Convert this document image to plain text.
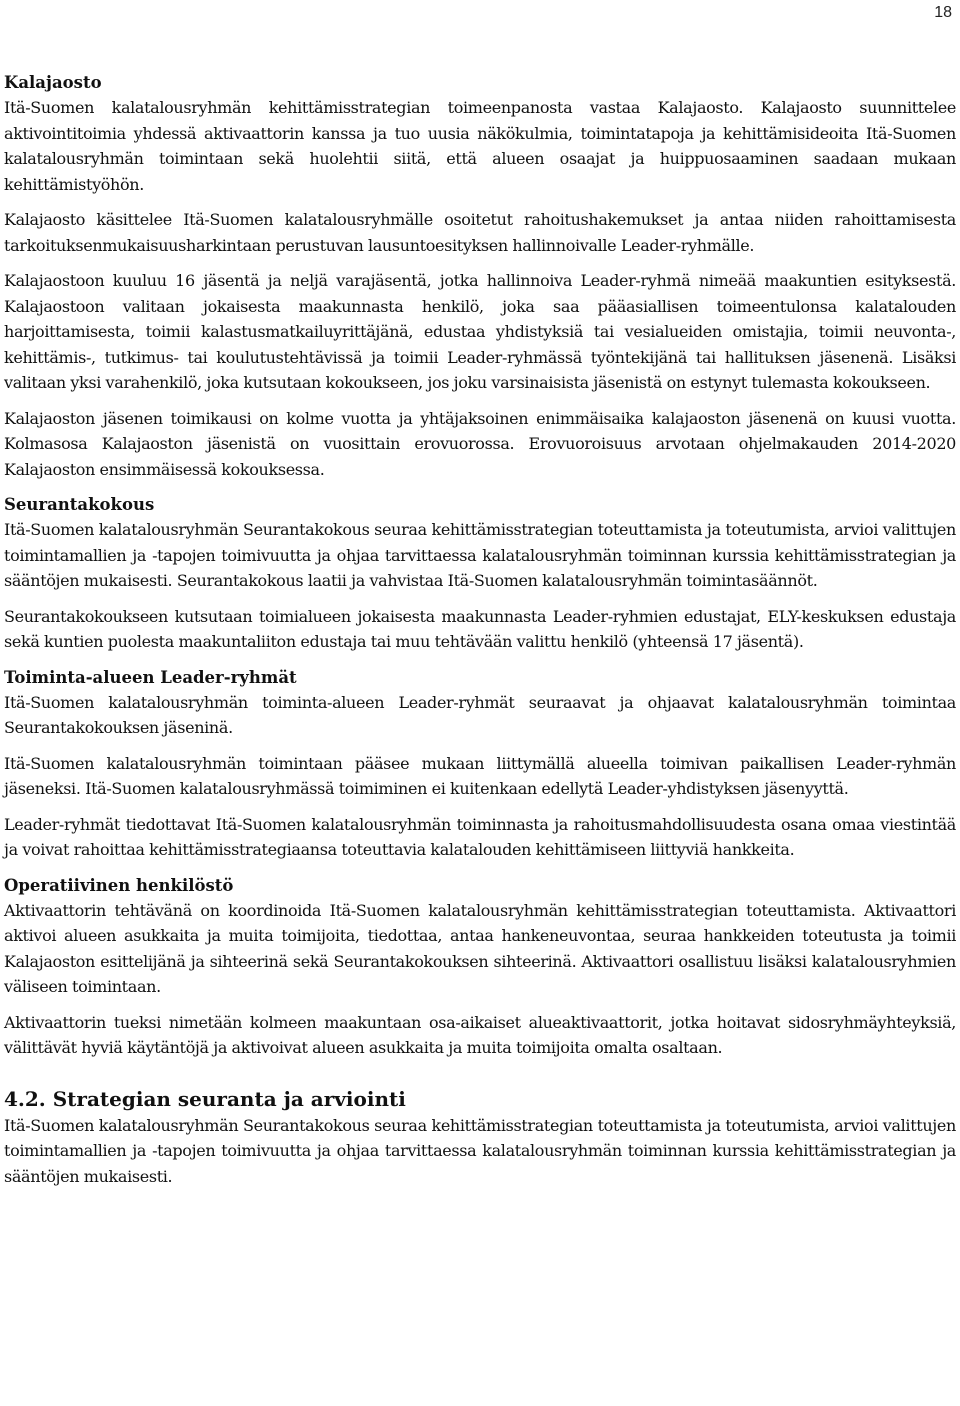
18
Kalajaosto

Itä-Suomen kalatalousryhmän kehittämisstrategian toimeenpanosta vastaa Kalajaosto. Kalajaosto suunnittelee aktivointitoimia yhdessä aktivaattorin kanssa ja tuo uusia näkökulmia, toimintatapoja ja kehittämisideoita Itä-Suomen kalatalousryhmän toimintaan sekä huolehtii siitä, että alueen osaajat ja huippuosaaminen saadaan mukaan kehittämistyöhön.

Kalajaosto käsittelee Itä-Suomen kalatalousryhmälle osoitetut rahoitushakemukset ja antaa niiden rahoittamisesta tarkoituksenmukaisuusharkintaan perustuvan lausuntoesityksen hallinnoivalle Leader-ryhmälle.

Kalajaostoon kuuluu 16 jäsentä ja neljä varajäsentä, jotka hallinnoiva Leader-ryhmä nimeää maakuntien esityksestä. Kalajaostoon valitaan jokaisesta maakunnasta henkilö, joka saa pääasiallisen toimeentulonsa kalatalouden harjoittamisesta, toimii kalastusmatkailuyrittäjänä, edustaa yhdistyksiä tai vesialueiden omistajia, toimii neuvonta-, kehittämis-, tutkimus- tai koulutustehtävissä ja toimii Leader-ryhmässä työntekijänä tai hallituksen jäsenenä. Lisäksi valitaan yksi varahenkilö, joka kutsutaan kokoukseen, jos joku varsinaisista jäsenistä on estynyt tulemasta kokoukseen.

Kalajaoston jäsenen toimikausi on kolme vuotta ja yhtäjaksoinen enimmäisaika kalajaoston jäsenenä on kuusi vuotta. Kolmasosa Kalajaoston jäsenistä on vuosittain erovuorossa. Erovuoroisuus arvotaan ohjelmakauden 2014-2020 Kalajaoston ensimmäisessä kokouksessa.

Seurantakokous

Itä-Suomen kalatalousryhmän Seurantakokous seuraa kehittämisstrategian toteuttamista ja toteutumista, arvioi valittujen toimintamallien ja -tapojen toimivuutta ja ohjaa tarvittaessa kalatalousryhmän toiminnan kurssia kehittämisstrategian ja sääntöjen mukaisesti. Seurantakokous laatii ja vahvistaa Itä-Suomen kalatalousryhmän toimintasäännöt.

Seurantakokoukseen kutsutaan toimialueen jokaisesta maakunnasta Leader-ryhmien edustajat, ELY-keskuksen edustaja sekä kuntien puolesta maakuntaliiton edustaja tai muu tehtävään valittu henkilö (yhteensä 17 jäsentä).

Toiminta-alueen Leader-ryhmät

Itä-Suomen kalatalousryhmän toiminta-alueen Leader-ryhmät seuraavat ja ohjaavat kalatalousryhmän toimintaa Seurantakokouksen jäseninä.

Itä-Suomen kalatalousryhmän toimintaan pääsee mukaan liittymällä alueella toimivan paikallisen Leader-ryhmän jäseneksi. Itä-Suomen kalatalousryhmässä toimiminen ei kuitenkaan edellytä Leader-yhdistyksen jäsenyyttä.

Leader-ryhmät tiedottavat Itä-Suomen kalatalousryhmän toiminnasta ja rahoitusmahdollisuudesta osana omaa viestintää ja voivat rahoittaa kehittämisstrategiaansa toteuttavia kalatalouden kehittämiseen liittyviä hankkeita.

Operatiivinen henkilöstö

Aktivaattorin tehtävänä on koordinoida Itä-Suomen kalatalousryhmän kehittämisstrategian toteuttamista. Aktivaattori aktivoi alueen asukkaita ja muita toimijoita, tiedottaa, antaa hankeneuvontaa, seuraa hankkeiden toteutusta ja toimii Kalajaoston esittelijänä ja sihteerinä sekä Seurantakokouksen sihteerinä. Aktivaattori osallistuu lisäksi kalatalousryhmien väliseen toimintaan.

Aktivaattorin tueksi nimetään kolmeen maakuntaan osa-aikaiset alueaktivaattorit, jotka hoitavat sidosryhmäyhteyksiä, välittävät hyviä käytäntöjä ja aktivoivat alueen asukkaita ja muita toimijoita omalta osaltaan.

4.2. Strategian seuranta ja arviointi

Itä-Suomen kalatalousryhmän Seurantakokous seuraa kehittämisstrategian toteuttamista ja toteutumista, arvioi valittujen toimintamallien ja -tapojen toimivuutta ja ohjaa tarvittaessa kalatalousryhmän toiminnan kurssia kehittämisstrategian ja sääntöjen mukaisesti.
